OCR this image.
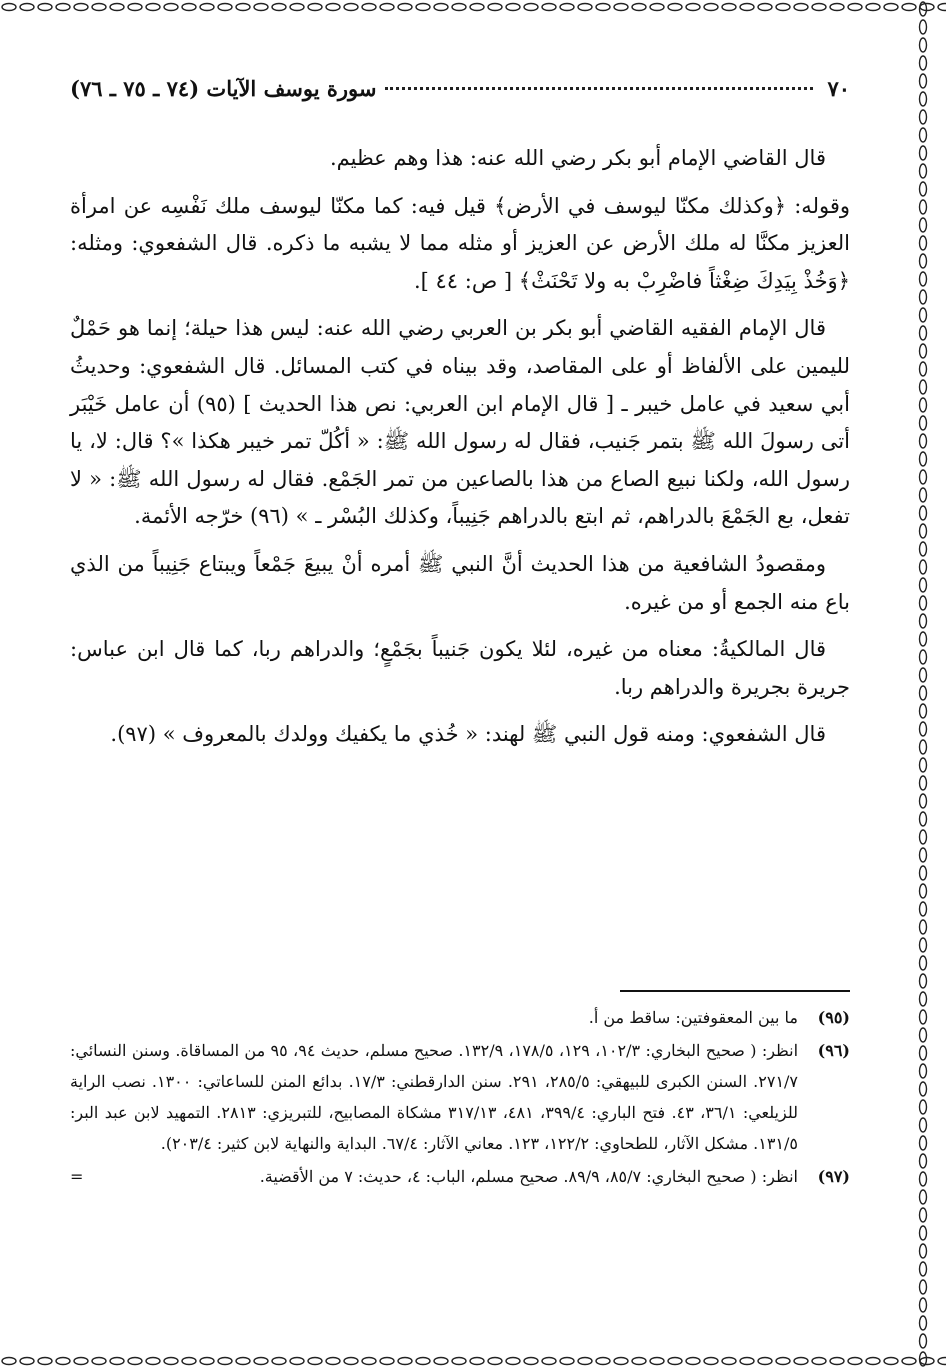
٧٠
سورة يوسف الآيات (٧٤ ـ ٧٥ ـ ٧٦)

قال القاضي الإمام أبو بكر رضي الله عنه: هذا وهم عظيم.

وقوله: ﴿وكذلك مكنّا ليوسف في الأرض﴾ قيل فيه: كما مكنّا ليوسف ملك نَفْسِه عن امرأة العزيز مكنَّا له ملك الأرض عن العزيز أو مثله مما لا يشبه ما ذكره. قال الشفعوي: ومثله: ﴿وَخُذْ بِيَدِكَ ضِغْثاً فاضْرِبْ به ولا تَحْنَثْ﴾ [ ص: ٤٤ ].

قال الإمام الفقيه القاضي أبو بكر بن العربي رضي الله عنه: ليس هذا حيلة؛ إنما هو حَمْلٌ لليمين على الألفاظ أو على المقاصد، وقد بيناه في كتب المسائل. قال الشفعوي: وحديثُ أبي سعيد في عامل خيبر ـ [ قال الإمام ابن العربي: نص هذا الحديث ] (٩٥) أن عامل خَيْبَر أتى رسولَ الله ﷺ بتمر جَنيب، فقال له رسول الله ﷺ: « أكُلّ تمر خيبر هكذا »؟ قال: لا، يا رسول الله، ولكنا نبيع الصاع من هذا بالصاعين من تمر الجَمْع. فقال له رسول الله ﷺ: « لا تفعل، بع الجَمْعَ بالدراهم، ثم ابتع بالدراهم جَنِيباً، وكذلك البُسْر ـ » (٩٦) خرّجه الأئمة.

ومقصودُ الشافعية من هذا الحديث أنَّ النبي ﷺ أمره أنْ يبيعَ جَمْعاً ويبتاع جَنِيباً من الذي باع منه الجمع أو من غيره.

قال المالكيةُ: معناه من غيره، لئلا يكون جَنيباً بجَمْعٍ؛ والدراهم ربا، كما قال ابن عباس: جريرة بجريرة والدراهم ربا.

قال الشفعوي: ومنه قول النبي ﷺ لهند: « خُذي ما يكفيك وولدك بالمعروف » (٩٧).

(٩٥)
ما بين المعقوفتين: ساقط من أ.
(٩٦)
انظر: ( صحيح البخاري: ١٠٢/٣، ١٢٩، ١٧٨/٥، ١٣٢/٩. صحيح مسلم، حديث ٩٤، ٩٥ من المساقاة. وسنن النسائي: ٢٧١/٧. السنن الكبرى للبيهقي: ٢٨٥/٥، ٢٩١. سنن الدارقطني: ١٧/٣. بدائع المنن للساعاتي: ١٣٠٠. نصب الراية للزيلعي: ٣٦/١، ٤٣. فتح الباري: ٣٩٩/٤، ٤٨١، ٣١٧/١٣ مشكاة المصابيح، للتبريزي: ٢٨١٣. التمهيد لابن عبد البر: ١٣١/٥. مشكل الآثار، للطحاوي: ١٢٢/٢، ١٢٣. معاني الآثار: ٦٧/٤. البداية والنهاية لابن كثير: ٢٠٣/٤).
(٩٧)
انظر: ( صحيح البخاري: ٨٥/٧، ٨٩/٩. صحيح مسلم، الباب: ٤، حديث: ٧ من الأقضية.
=
